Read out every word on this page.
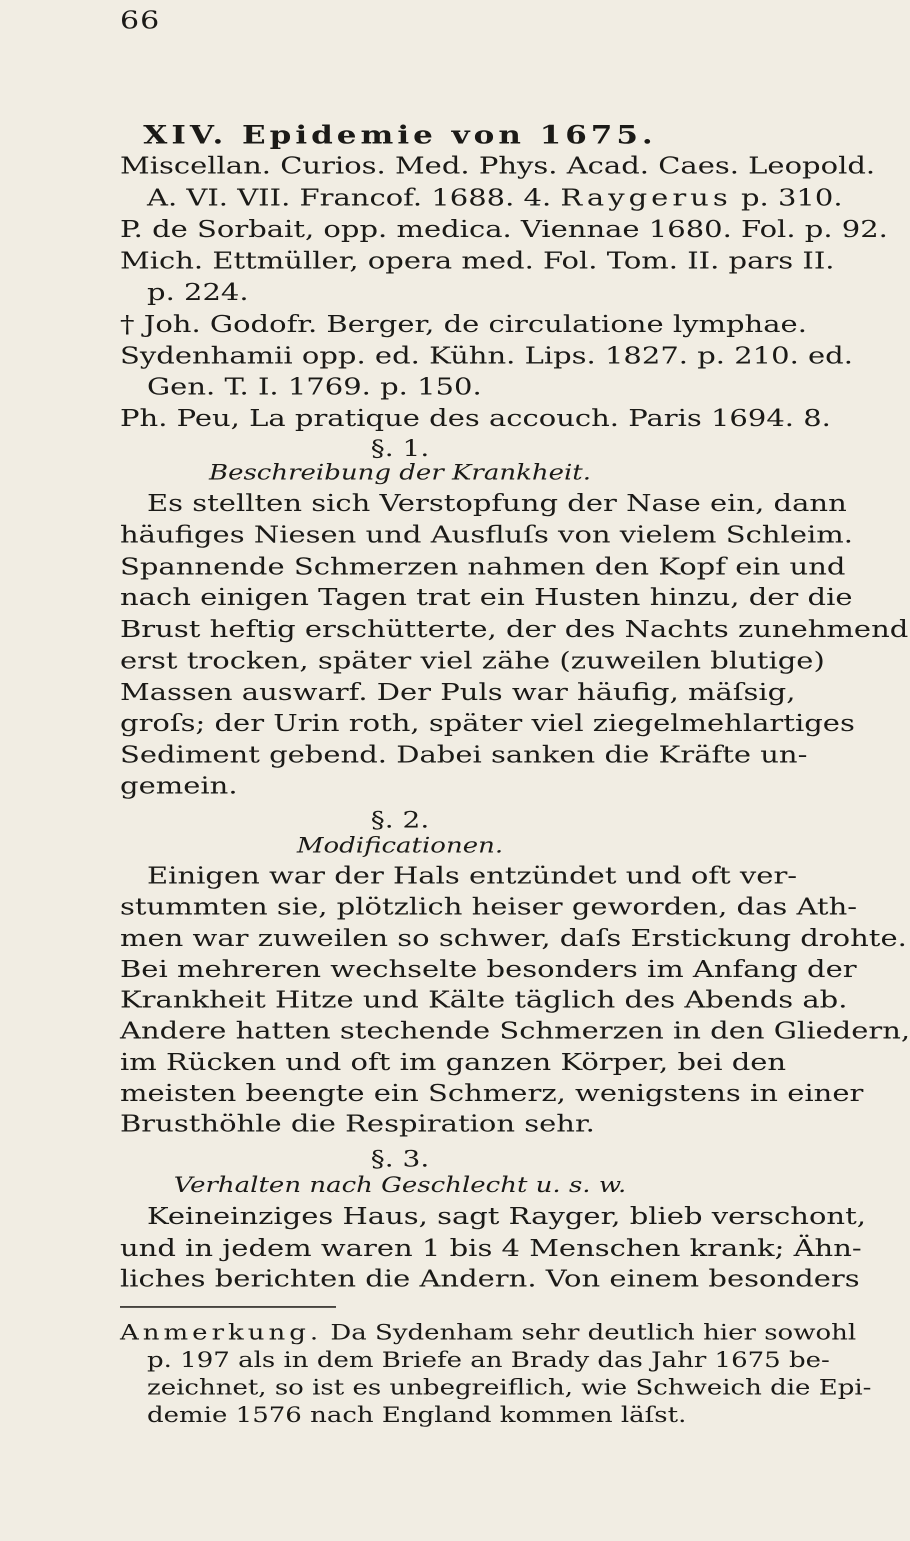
66
XIV. Epidemie von 1675.
Miscellan. Curios. Med. Phys. Acad. Caes. Leopold.
A. VI. VII. Francof. 1688. 4. Raygerus p. 310.
P. de Sorbait, opp. medica. Viennae 1680. Fol. p. 92.
Mich. Ettmüller, opera med. Fol. Tom. II. pars II.
p. 224.
† Joh. Godofr. Berger, de circulatione lymphae.
Sydenhamii opp. ed. Kühn. Lips. 1827. p. 210. ed.
Gen. T. I. 1769. p. 150.
Ph. Peu, La pratique des accouch. Paris 1694. 8.
§. 1.
Beschreibung der Krankheit.
Es stellten sich Verstopfung der Nase ein, dann
häufiges Niesen und Ausfluſs von vielem Schleim.
Spannende Schmerzen nahmen den Kopf ein und
nach einigen Tagen trat ein Husten hinzu, der die
Brust heftig erschütterte, der des Nachts zunehmend
erst trocken, später viel zähe (zuweilen blutige)
Massen auswarf. Der Puls war häufig, mäſsig,
groſs; der Urin roth, später viel ziegelmehlartiges
Sediment gebend. Dabei sanken die Kräfte un-
gemein.
§. 2.
Modificationen.
Einigen war der Hals entzündet und oft ver-
stummten sie, plötzlich heiser geworden, das Ath-
men war zuweilen so schwer, daſs Erstickung drohte.
Bei mehreren wechselte besonders im Anfang der
Krankheit Hitze und Kälte täglich des Abends ab.
Andere hatten stechende Schmerzen in den Gliedern,
im Rücken und oft im ganzen Körper, bei den
meisten beengte ein Schmerz, wenigstens in einer
Brusthöhle die Respiration sehr.
§. 3.
Verhalten nach Geschlecht u. s. w.
Keineinziges Haus, sagt Rayger, blieb verschont,
und in jedem waren 1 bis 4 Menschen krank; Ähn-
liches berichten die Andern. Von einem besonders
Anmerkung. Da Sydenham sehr deutlich hier sowohl
p. 197 als in dem Briefe an Brady das Jahr 1675 be-
zeichnet, so ist es unbegreiflich, wie Schweich die Epi-
demie 1576 nach England kommen läſst.
